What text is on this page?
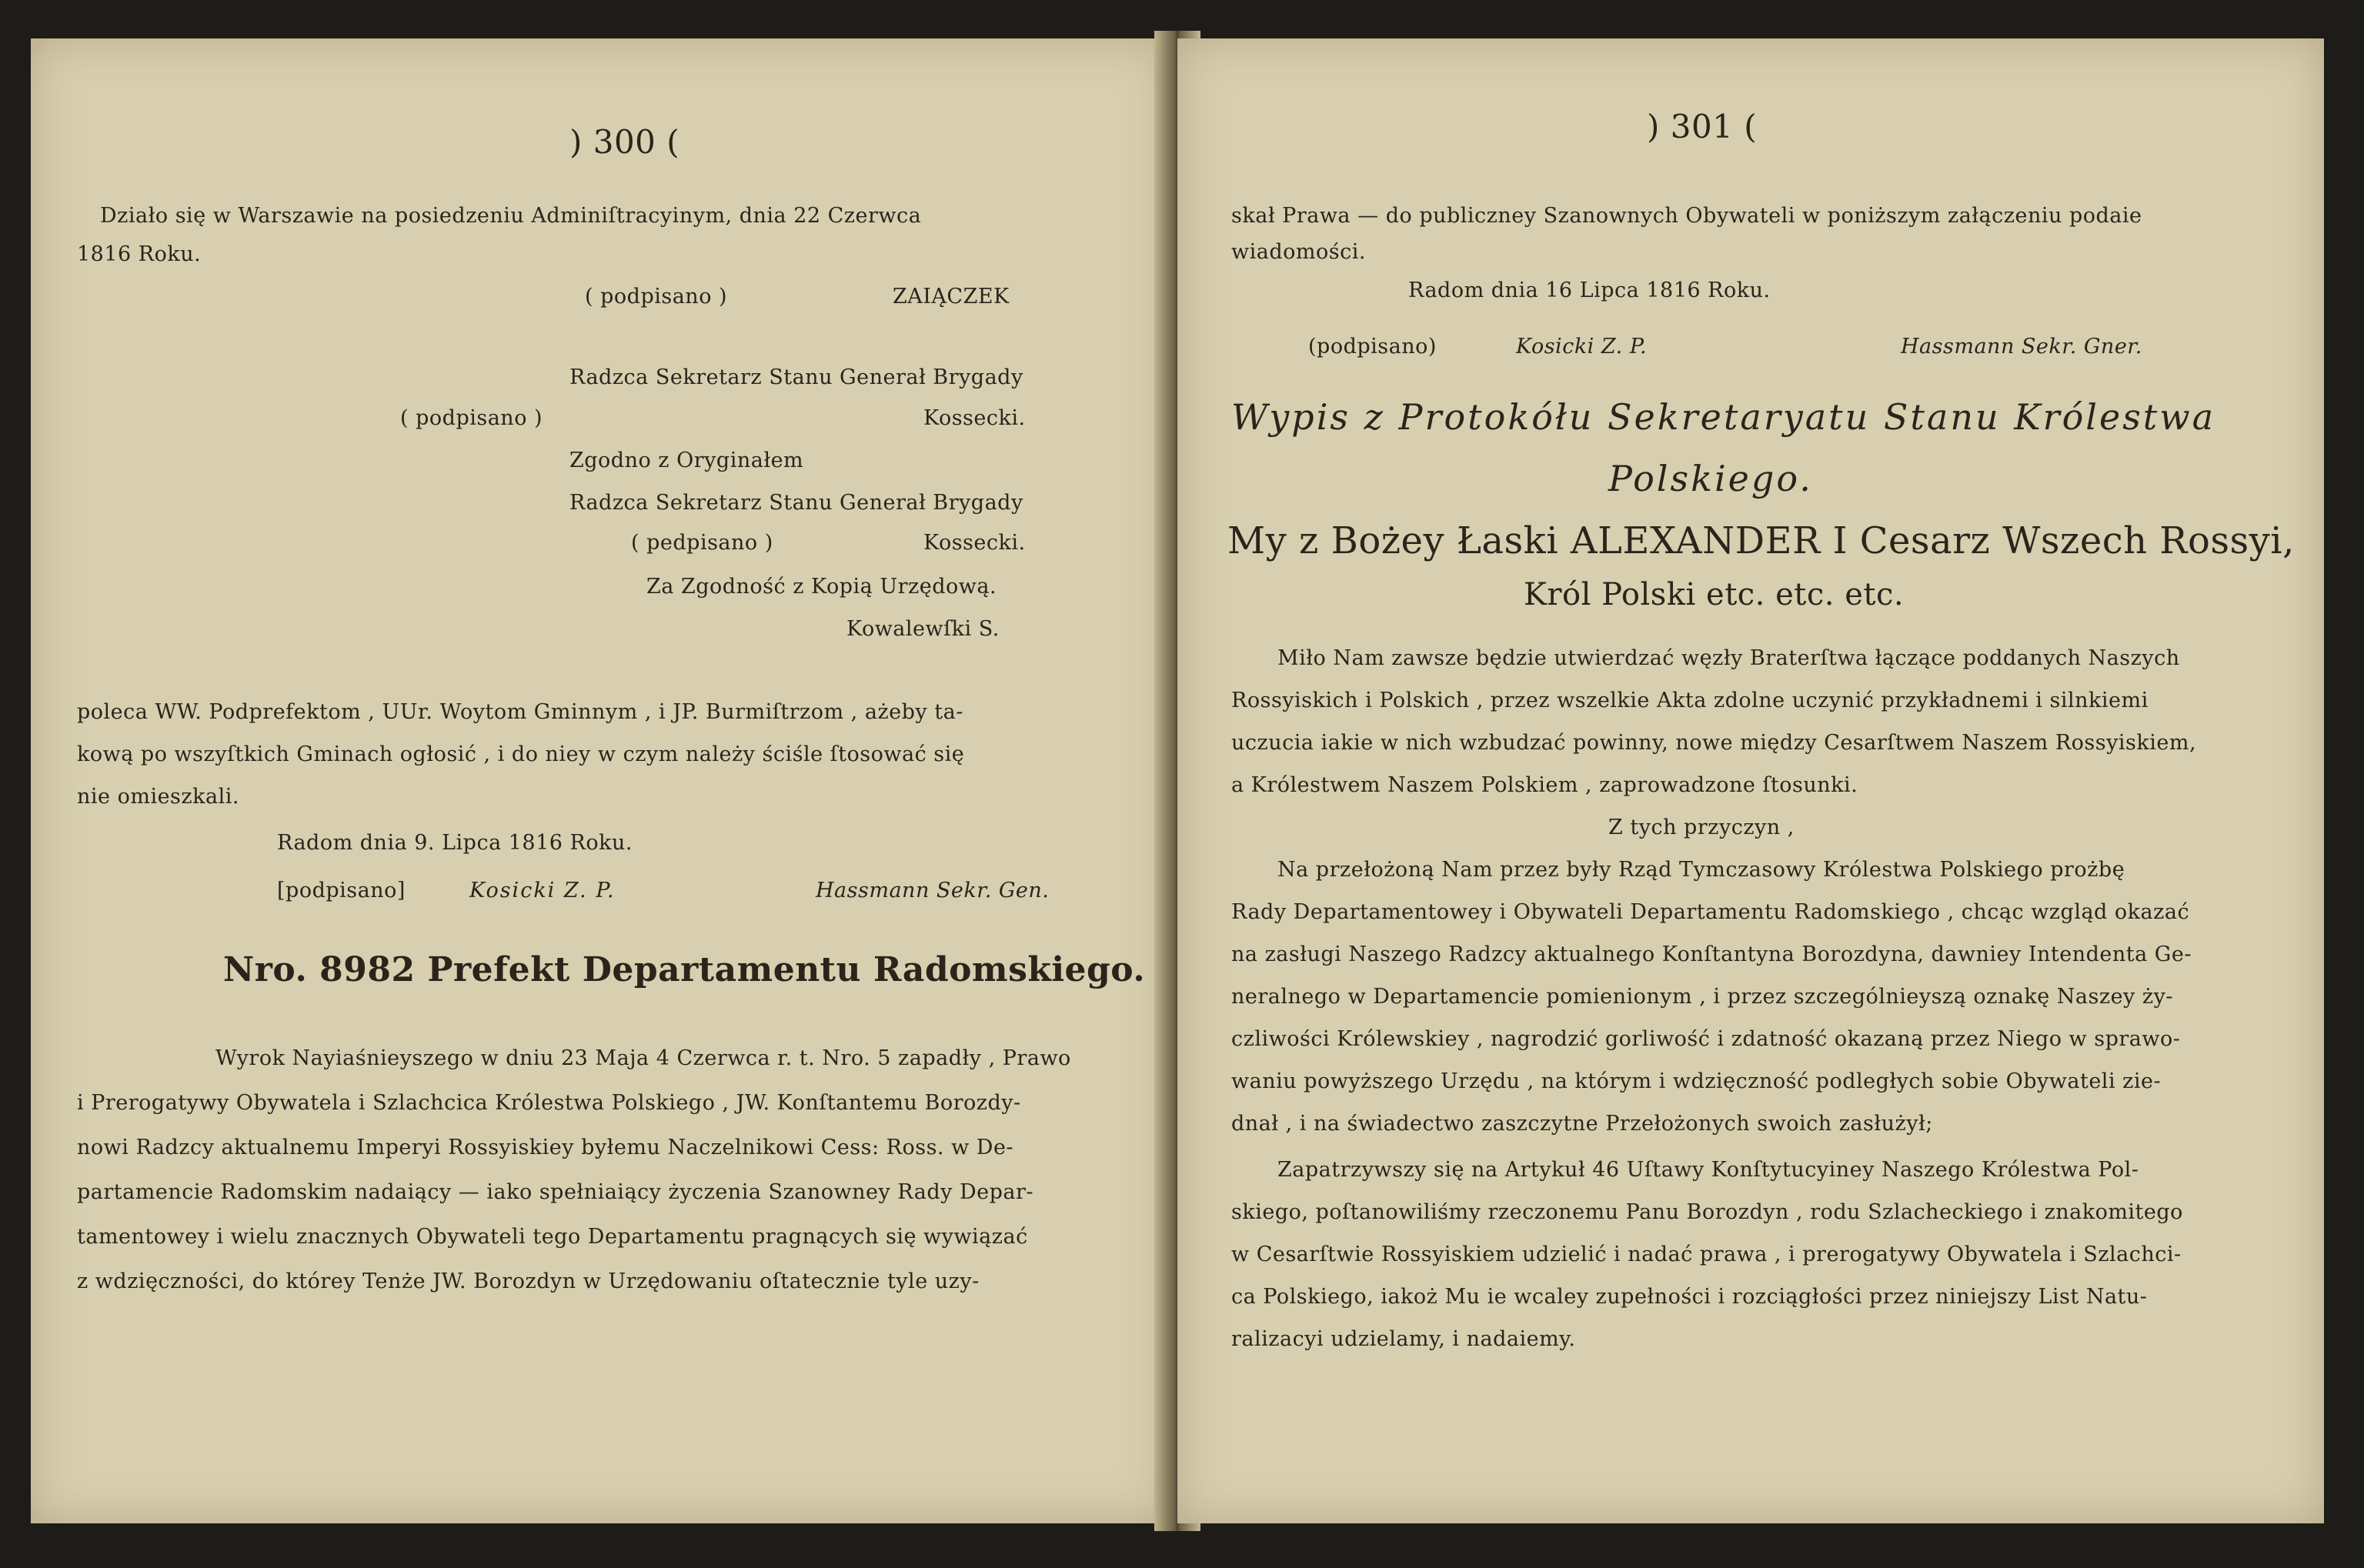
) 300 (
Działo się w Warszawie na posiedzeniu Adminiſtracyinym, dnia 22 Czerwca
1816 Roku.
( podpisano )	ZAIĄCZEK
Radzca Sekretarz Stanu Generał Brygady
( podpisano )	Kossecki.
Zgodno z Oryginałem
Radzca Sekretarz Stanu Generał Brygady
( pedpisano )	Kossecki.
Za Zgodność z Kopią Urzędową.
Kowalewſki S.
poleca WW. Podprefektom , UUr. Woytom Gminnym , i JP. Burmiſtrzom , ażeby ta-
kową po wszyſtkich Gminach ogłosić , i do niey w czym należy ściśle ſtosować się
nie omieszkali.
Radom dnia 9. Lipca 1816 Roku.
[podpisano]	Kosicki Z. P.	Hassmann Sekr. Gen.
Nro. 8982 Prefekt Departamentu Radomskiego.
Wyrok Nayiaśnieyszego w dniu 23 Maja 4 Czerwca r. t. Nro. 5 zapadły , Prawo
i Prerogatywy Obywatela i Szlachcica Królestwa Polskiego , JW. Konſtantemu Borozdy-
nowi Radzcy aktualnemu Imperyi Rossyiskiey byłemu Naczelnikowi Cess: Ross. w De-
partamencie Radomskim nadaiący — iako spełniaiący życzenia Szanowney Rady Depar-
tamentowey i wielu znacznych Obywateli tego Departamentu pragnących się wywiązać
z wdzięczności, do którey Tenże JW. Borozdyn w Urzędowaniu oſtatecznie tyle uzy-
) 301 (
skał Prawa — do publiczney Szanownych Obywateli w poniższym załączeniu podaie
wiadomości.
Radom dnia 16 Lipca 1816 Roku.
(podpisano)	Kosicki Z. P.	Hassmann Sekr. Gner.
Wypis z Protokółu Sekretaryatu Stanu Królestwa
Polskiego.
My z Bożey Łaski ALEXANDER I Cesarz Wszech Rossyi,
Król Polski etc. etc. etc.
Miło Nam zawsze będzie utwierdzać węzły Braterſtwa łączące poddanych Naszych
Rossyiskich i Polskich , przez wszelkie Akta zdolne uczynić przykładnemi i silnkiemi
uczucia iakie w nich wzbudzać powinny, nowe między Cesarſtwem Naszem Rossyiskiem,
a Królestwem Naszem Polskiem , zaprowadzone ſtosunki.
Z tych przyczyn ,
Na przełożoną Nam przez były Rząd Tymczasowy Królestwa Polskiego prożbę
Rady Departamentowey i Obywateli Departamentu Radomskiego , chcąc wzgląd okazać
na zasługi Naszego Radzcy aktualnego Konſtantyna Borozdyna, dawniey Intendenta Ge-
neralnego w Departamencie pomienionym , i przez szczególnieyszą oznakę Naszey ży-
czliwości Królewskiey , nagrodzić gorliwość i zdatność okazaną przez Niego w sprawo-
waniu powyższego Urzędu , na którym i wdzięczność podległych sobie Obywateli zie-
dnał , i na świadectwo zaszczytne Przełożonych swoich zasłużył;
Zapatrzywszy się na Artykuł 46 Uſtawy Konſtytucyiney Naszego Królestwa Pol-
skiego, poſtanowiliśmy rzeczonemu Panu Borozdyn , rodu Szlacheckiego i znakomitego
w Cesarſtwie Rossyiskiem udzielić i nadać prawa , i prerogatywy Obywatela i Szlachci-
ca Polskiego, iakoż Mu ie wcaley zupełności i rozciągłości przez niniejszy List Natu-
ralizacyi udzielamy, i nadaiemy.
